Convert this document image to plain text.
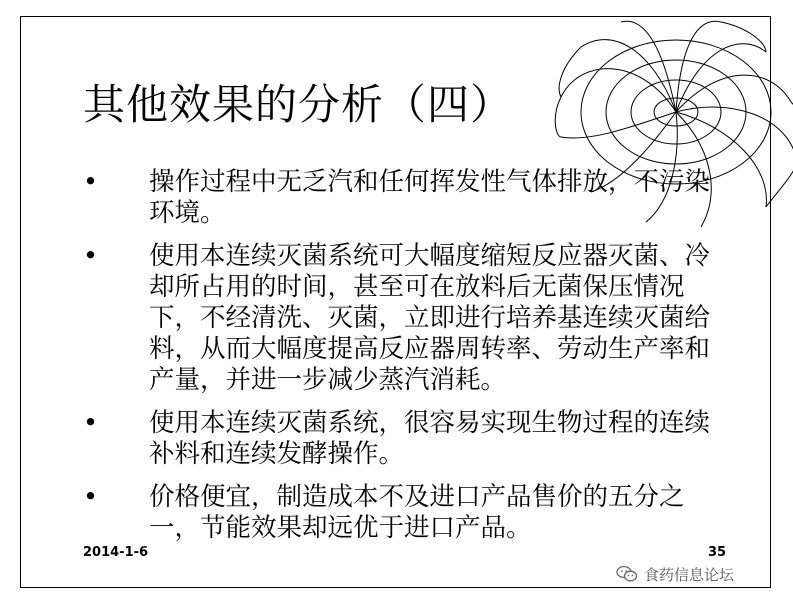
其他效果的分析（四）
• 操作过程中无乏汽和任何挥发性气体排放，不污染环境。
• 使用本连续灭菌系统可大幅度缩短反应器灭菌、冷却所占用的时间，甚至可在放料后无菌保压情况下，不经清洗、灭菌，立即进行培养基连续灭菌给料，从而大幅度提高反应器周转率、劳动生产率和产量，并进一步减少蒸汽消耗。
• 使用本连续灭菌系统，很容易实现生物过程的连续补料和连续发酵操作。
• 价格便宜，制造成本不及进口产品售价的五分之一，节能效果却远优于进口产品。
2014-1-6	35
食药信息论坛
